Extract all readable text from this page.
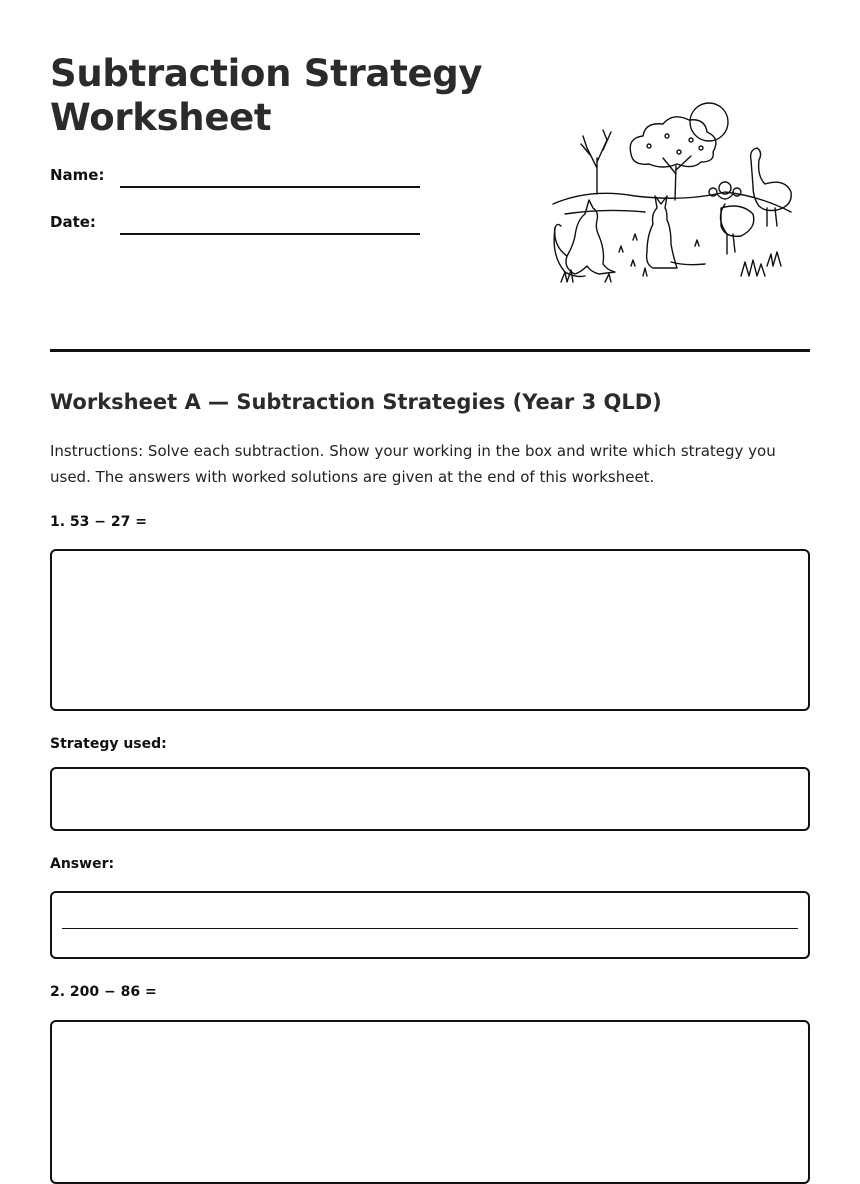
Subtraction Strategy
Worksheet
Name:
Date:
Worksheet A — Subtraction Strategies (Year 3 QLD)

Instructions: Solve each subtraction. Show your working in the box and write which strategy you used. The answers with worked solutions are given at the end of this worksheet.

1. 53 − 27 =
Strategy used:
Answer:
2. 200 − 86 =
